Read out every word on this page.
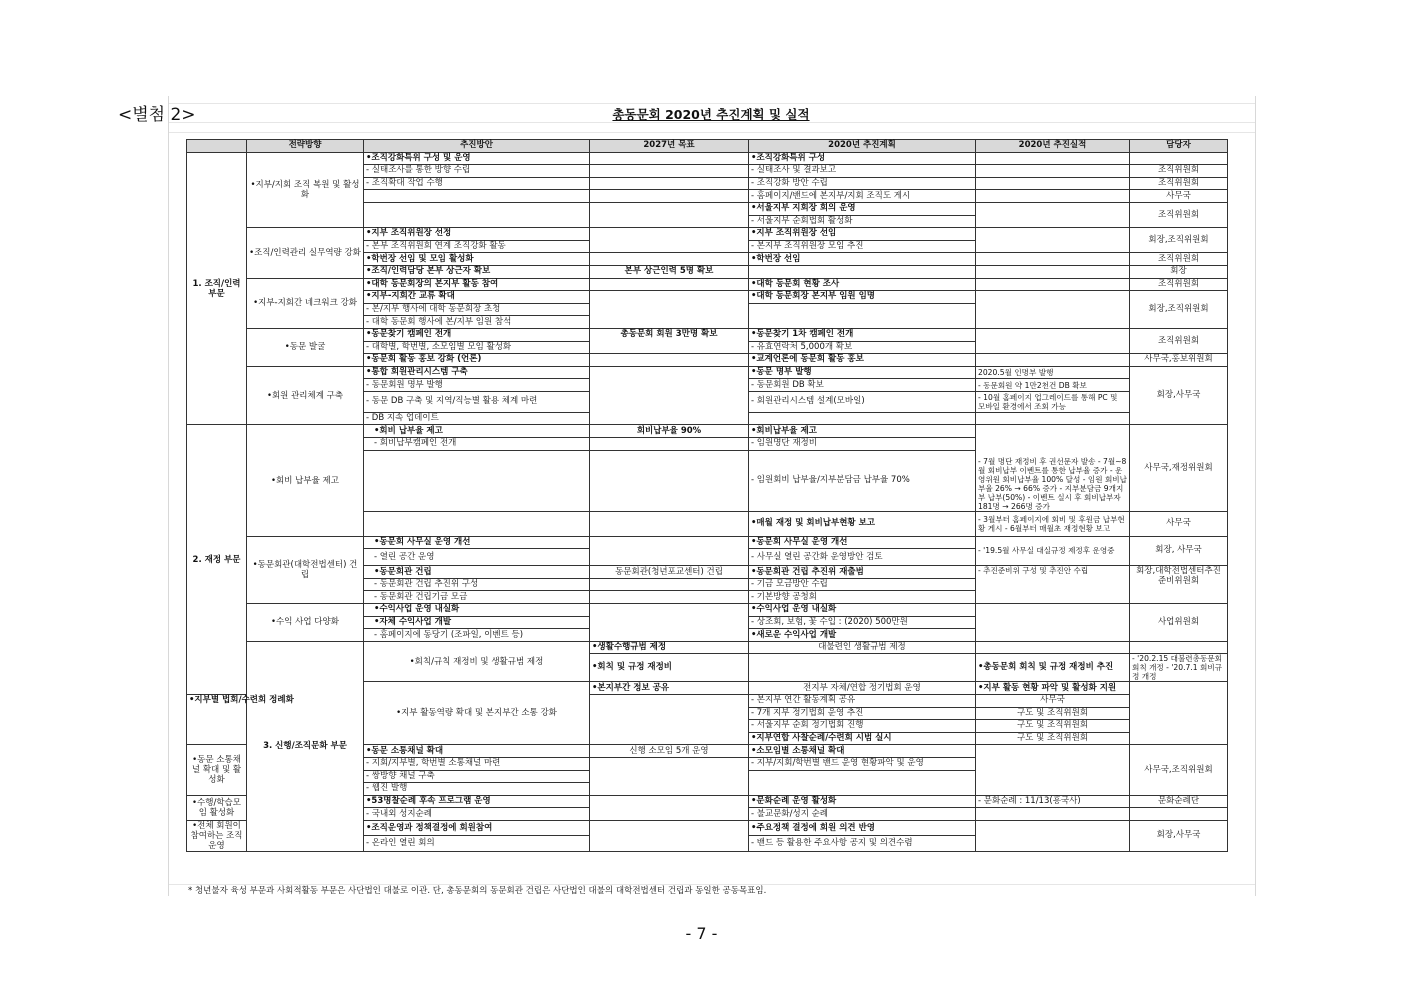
<별첨 2>	총동문회 2020년 추진계획 및 실적
	전략방향	추진방안	2027년 목표	2020년 추진계획	2020년 추진실적	담당자	
1. 조직/인력 부문	•지부/지회 조직 복원 및 활성화	•조직강화특위 구성 및 운영		•조직강화특위 구성			
		- 실태조사를 통한 방향 수립		- 실태조사 및 결과보고		조직위원회	
		- 조직확대 작업 수행		- 조직강화 방안 수립		조직위원회	
				- 홈페이지/밴드에 본지부/지회 조직도 게시		사무국	
				•서울지부 지회장 회의 운영		조직위원회	
				- 서울지부 순회법회 활성화			
	•조직/인력관리 실무역량 강화	•지부 조직위원장 선정		•지부 조직위원장 선임		회장,조직위원회	
		- 본부 조직위원회 연계 조직강화 활동		- 본지부 조직위원장 모임 추진			
		•학번장 선임 및 모임 활성화		•학번장 선임		조직위원회	
		•조직/인력담당 본부 상근자 확보	본부 상근인력 5명 확보			회장	
	•지부-지회간 네크워크 강화	•대학 동문회장의 본지부 활동 참여		•대학 동문회 현황 조사		조직위원회	
		•지부-지회간 교류 확대		•대학 동문회장 본지부 임원 임명		회장,조직위원회	
		- 본/지부 행사에 대학 동문회장 초청					
		- 대학 동문회 행사에 본/지부 임원 참석					
	•동문 발굴	•동문찾기 캠페인 전개	총동문회 회원 3만명 확보	•동문찾기 1차 캠페인 전개		조직위원회	
		- 대학별, 학번별, 소모임별 모임 활성화		- 유효연락처 5,000개 확보			
		•동문회 활동 홍보 강화 (언론)		•교계언론에 동문회 활동 홍보		사무국,홍보위원회	
	•회원 관리체계 구축	•통합 회원관리시스템 구축		•동문 명부 발행	2020.5월 인명부 발행	회장,사무국	
		- 동문회원 명부 발행		- 동문회원 DB 확보	- 동문회원 약 1만2천건 DB 확보		
		- 동문 DB 구축 및 지역/직능별 활용 체계 마련		- 회원관리시스템 설계(모바일)	- 10월 홈페이지 업그레이드를 통해 PC 및 모바일 환경에서 조회 가능		
		- DB 지속 업데이트					
2. 재정 부문	•회비 납부율 제고	•회비 납부율 제고	회비납부율 90%	•회비납부율 제고	- 7월 명단 재정비 후 권선문자 발송 - 7월~8월 회비납부 이벤트를 통한 납부율 증가 - 운영위원 회비납부율 100% 달성 - 임원 회비납부율 26% → 66% 증가 - 지부분담금 9개지부 납부(50%) - 이벤트 실시 후 회비납부자 181명 → 266명 증가	사무국,재정위원회	
		- 회비납부캠페인 전개		- 임원명단 재정비			
				- 임원회비 납부율/지부분담금 납부율 70%			
				•매월 재정 및 회비납부현황 보고	- 3월부터 홈페이지에 회비 및 후원금 납부현황 게시 - 6월부터 매월초 재정현황 보고	사무국	
	•동문회관(대학전법센터) 건립	•동문회 사무실 운영 개선		•동문회 사무실 운영 개선	- '19.5월 사무실 대실규정 제정후 운영중	회장, 사무국	
		- 열린 공간 운영		- 사무실 열린 공간화 운영방안 검토			
		•동문회관 건립	동문회관(청년포교센터) 건립	•동문회관 건립 추진위 재출범	- 추진준비위 구성 및 추진안 수립	회장,대학전법센터추진준비위원회	
		- 동문회관 건립 추진위 구성		- 기금 모금방안 수립			
		- 동문회관 건립기금 모금		- 기본방향 공청회			
	•수익 사업 다양화	•수익사업 운영 내실화		•수익사업 운영 내실화		사업위원회	
		•자체 수익사업 개발		- 상조회, 보험, 꽃 수입 : (2020) 500만원			
		- 홈페이지에 동당기 (조파일, 이벤트 등)		•새로운 수익사업 개발			
	3. 신행/조직문화 부문	•회칙/규칙 재정비 및 생활규범 제정	•생활수행규범 제정	대불련인 생활규범 제정			
			•회칙 및 규정 재정비		•총동문회 회칙 및 규정 재정비 추진	- '20.2.15 대불련총동문회 회칙 개정 - '20.7.1 회비규정 개정	
		•지부 활동역량 확대 및 본지부간 소통 강화	•본지부간 정보 공유	전지부 자체/연합 정기법회 운영	•지부 활동 현황 파악 및 활성화 지원		
•지부별 법회/수련회 정례화				- 본지부 연간 활동계획 공유	사무국		
				- 7개 지부 정기법회 운영 추진	구도 및 조직위원회		
				- 서울지부 순회 정기법회 진행	구도 및 조직위원회		
				•지부연합 사찰순례/수련회 시범 실시	구도 및 조직위원회		
•동문 소통채널 확대 및 활성화		•동문 소통채널 확대	신행 소모임 5개 운영	•소모임별 소통채널 확대		사무국,조직위원회	
		- 지회/지부별, 학번별 소통채널 마련		- 지부/지회/학번별 밴드 운영 현황파악 및 운영			
		- 쌍방향 채널 구축					
		- 웹진 발행					
•수행/학습모임 활성화		•53명찰순례 후속 프로그램 운영		•문화순례 운영 활성화	- 문화순례 : 11/13(흥국사)	문화순례단	
		- 국내외 성지순례		- 불교문화/성지 순례			
•전체 회원이 참여하는 조직운영		•조직운영과 정책결정에 회원참여		•주요정책 결정에 회원 의견 반영		회장,사무국	
		- 온라인 열린 회의		- 밴드 등 활용한 주요사항 공지 및 의견수렴			
* 청년불자 육성 부문과 사회적활동 부문은 사단법인 대불로 이관. 단, 총동문회의 동문회관 건립은 사단법인 대불의 대학전법센터 건립과 동일한 공동목표임.
- 7 -
